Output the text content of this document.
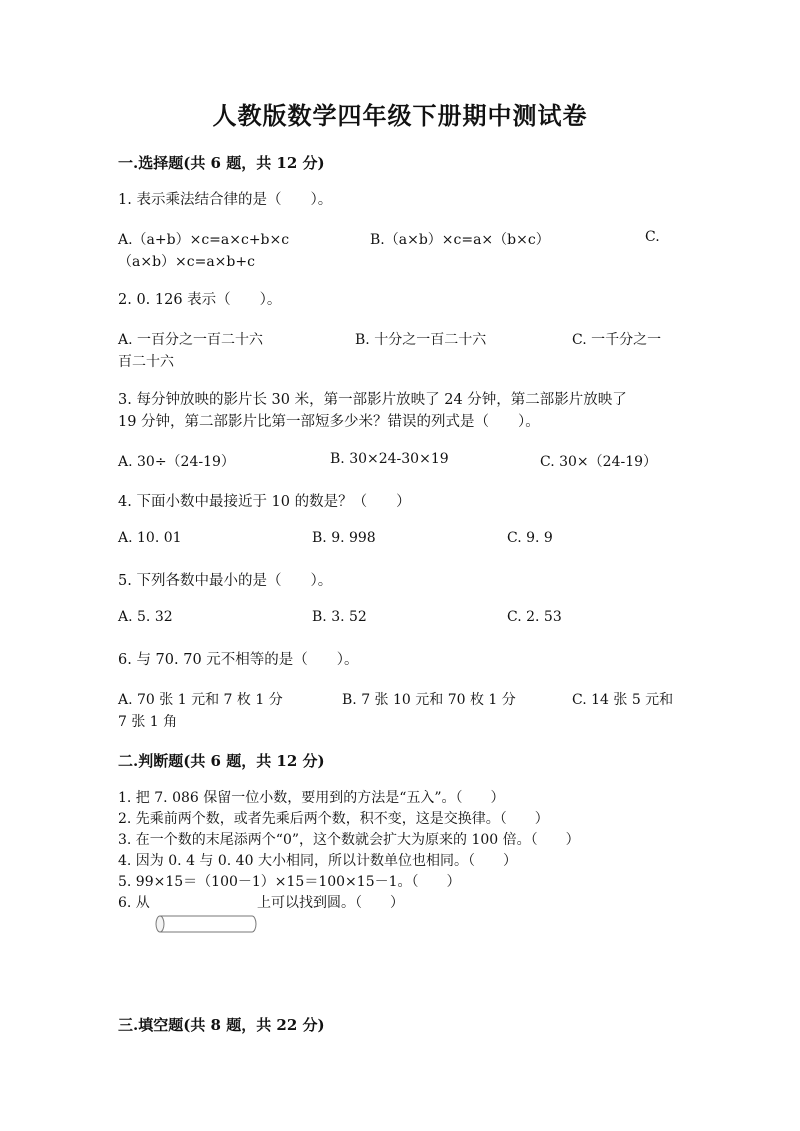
人教版数学四年级下册期中测试卷
一.选择题(共 6 题，共 12 分)
1. 表示乘法结合律的是（　　）。
A.（a+b）×c=a×c+b×c	B.（a×b）×c=a×（b×c）	C.
（a×b）×c=a×b+c
2. 0. 126 表示（　　）。
A. 一百分之一百二十六	B. 十分之一百二十六	C. 一千分之一
百二十六
3. 每分钟放映的影片长 30 米，第一部影片放映了 24 分钟，第二部影片放映了
19 分钟，第二部影片比第一部短多少米？错误的列式是（　　）。
A. 30÷（24-19）	B. 30×24-30×19	C. 30×（24-19）
4. 下面小数中最接近于 10 的数是？（　　）
A. 10. 01	B. 9. 998	C. 9. 9
5. 下列各数中最小的是（　　）。
A. 5. 32	B. 3. 52	C. 2. 53
6. 与 70. 70 元不相等的是（　　）。
A. 70 张 1 元和 7 枚 1 分	B. 7 张 10 元和 70 枚 1 分	C. 14 张 5 元和
7 张 1 角
二.判断题(共 6 题，共 12 分)
1. 把 7. 086 保留一位小数，要用到的方法是“五入”。（　　）
2. 先乘前两个数，或者先乘后两个数，积不变，这是交换律。（　　）
3. 在一个数的末尾添两个“0”，这个数就会扩大为原来的 100 倍。（　　）
4. 因为 0. 4 与 0. 40 大小相同，所以计数单位也相同。（　　）
5. 99×15＝（100－1）×15＝100×15－1。（　　）
6. 从	上可以找到圆。（　　）
三.填空题(共 8 题，共 22 分)
